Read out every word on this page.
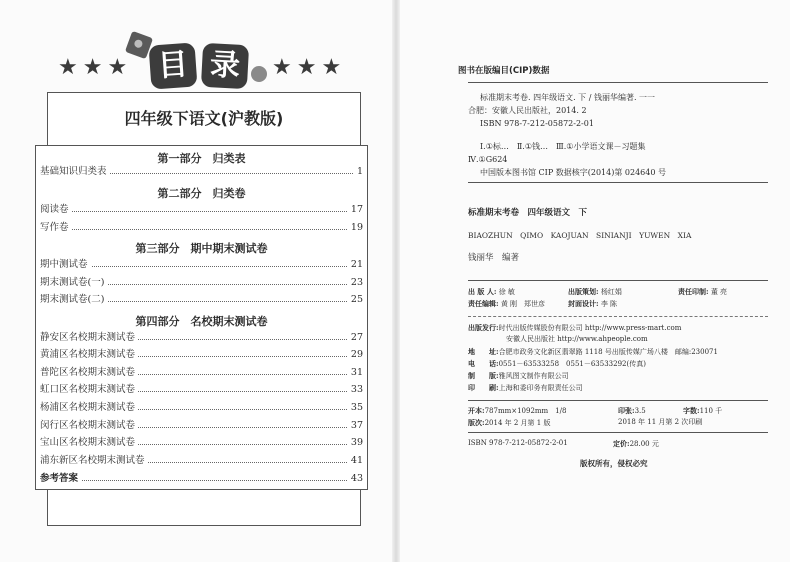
★★★ 目 录	★★★
四年级下语文(沪教版)
第一部分　归类表
基础知识归类表	1
第二部分　归类卷
阅读卷	17
写作卷	19
第三部分　期中期末测试卷
期中测试卷	21
期末测试卷(一)	23
期末测试卷(二)	25
第四部分　名校期末测试卷
静安区名校期末测试卷	27
黄浦区名校期末测试卷	29
普陀区名校期末测试卷	31
虹口区名校期末测试卷	33
杨浦区名校期末测试卷	35
闵行区名校期末测试卷	37
宝山区名校期末测试卷	39
浦东新区名校期末测试卷	41
参考答案	43
图书在版编目(CIP)数据
标准期末考卷. 四年级语文. 下 / 钱丽华编著. 一一
合肥：安徽人民出版社，2014. 2
ISBN 978-7-212-05872-2-01
Ⅰ.①标…　Ⅱ.①钱…　Ⅲ.①小学语文课－习题集
Ⅳ.①G624
中国版本图书馆 CIP 数据核字(2014)第 024640 号
标准期末考卷　四年级语文　下
BIAOZHUN　QIMO　KAOJUAN　SINIANJI　YUWEN　XIA
钱丽华　编著
出 版 人: 徐 敏	出版策划: 杨红娟	责任印制: 董 亮
责任编辑: 黄 刚　郑世彦	封面设计: 李 陈
出版发行:时代出版传媒股份有限公司 http://www.press-mart.com
安徽人民出版社 http://www.ahpeople.com
地　　址:合肥市政务文化新区翡翠路 1118 号出版传媒广场八楼　邮编:230071
电　　话:0551－63533258　0551－63533292(传真)
制　　版:雅风图文制作有限公司
印　　刷:上海和委印务有限责任公司
开本:787mm×1092mm　1/8	印张:3.5	字数:110 千
版次:2014 年 2 月第 1 版	2018 年 11 月第 2 次印刷
ISBN 978-7-212-05872-2-01	定价:28.00 元
版权所有，侵权必究
